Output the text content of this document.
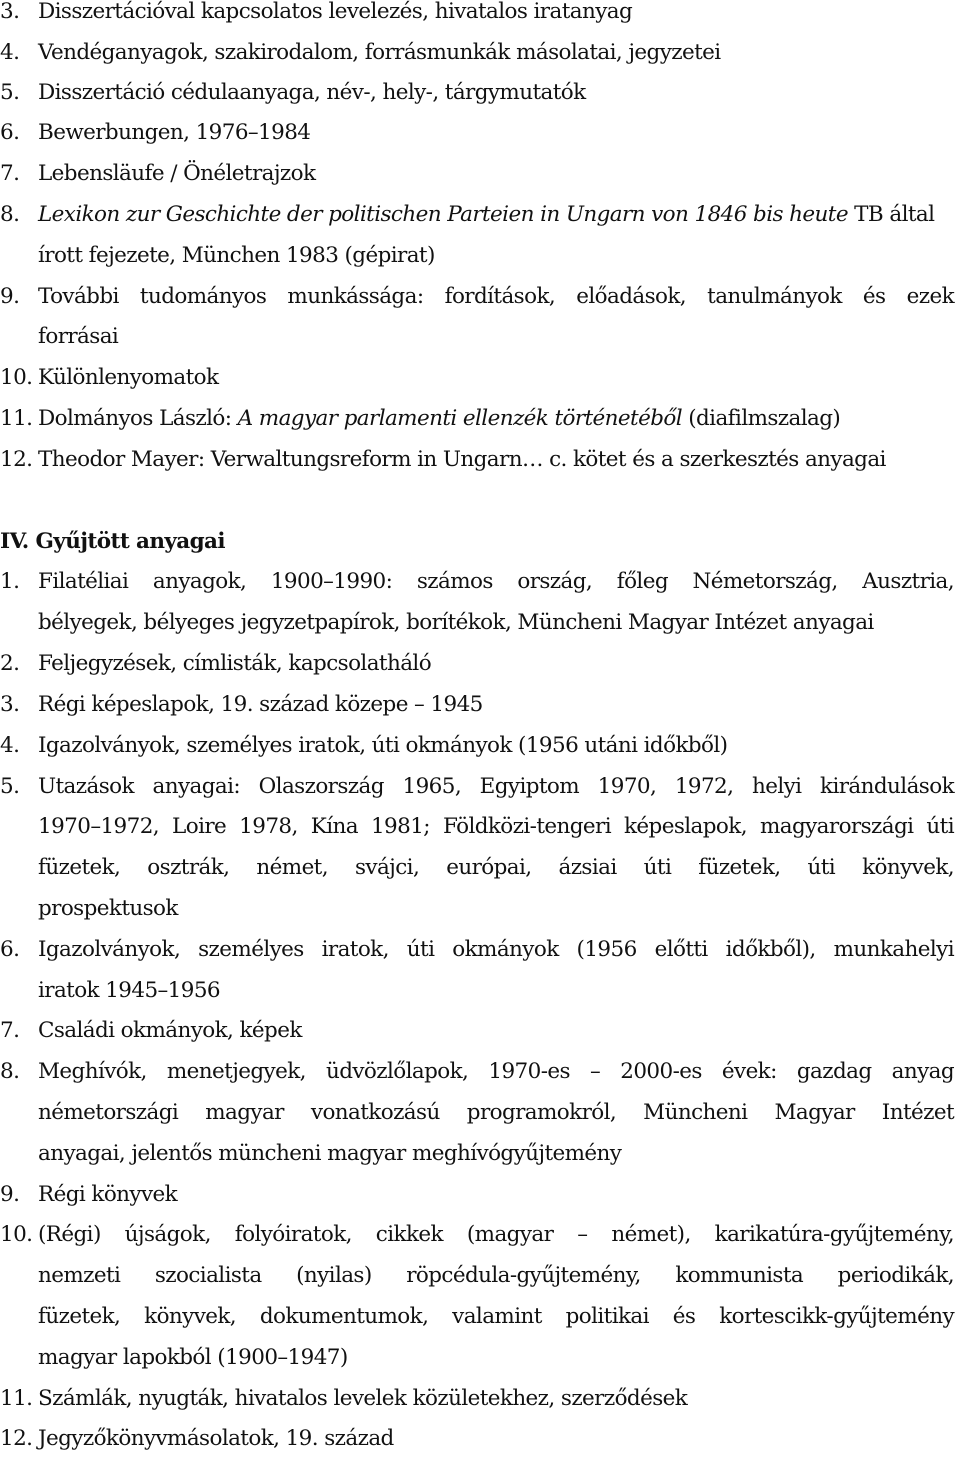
3. Disszertációval kapcsolatos levelezés, hivatalos iratanyag
4. Vendéganyagok, szakirodalom, forrásmunkák másolatai, jegyzetei
5. Disszertáció cédulaanyaga, név-, hely-, tárgymutatók
6. Bewerbungen, 1976–1984
7. Lebensläufe / Önéletrajzok
8. Lexikon zur Geschichte der politischen Parteien in Ungarn von 1846 bis heute TB által
írott fejezete, München 1983 (gépirat)
9. További tudományos munkássága: fordítások, előadások, tanulmányok és ezek
forrásai
10. Különlenyomatok
11. Dolmányos László: A magyar parlamenti ellenzék történetéből (diafilmszalag)
12. Theodor Mayer: Verwaltungsreform in Ungarn… c. kötet és a szerkesztés anyagai
IV. Gyűjtött anyagai
1. Filatéliai anyagok, 1900–1990: számos ország, főleg Németország, Ausztria,
bélyegek, bélyeges jegyzetpapírok, borítékok, Müncheni Magyar Intézet anyagai
2. Feljegyzések, címlisták, kapcsolatháló
3. Régi képeslapok, 19. század közepe – 1945
4. Igazolványok, személyes iratok, úti okmányok (1956 utáni időkből)
5. Utazások anyagai: Olaszország 1965, Egyiptom 1970, 1972, helyi kirándulások
1970–1972, Loire 1978, Kína 1981; Földközi-tengeri képeslapok, magyarországi úti
füzetek, osztrák, német, svájci, európai, ázsiai úti füzetek, úti könyvek,
prospektusok
6. Igazolványok, személyes iratok, úti okmányok (1956 előtti időkből), munkahelyi
iratok 1945–1956
7. Családi okmányok, képek
8. Meghívók, menetjegyek, üdvözlőlapok, 1970-es – 2000-es évek: gazdag anyag
németországi magyar vonatkozású programokról, Müncheni Magyar Intézet
anyagai, jelentős müncheni magyar meghívógyűjtemény
9. Régi könyvek
10. (Régi) újságok, folyóiratok, cikkek (magyar – német), karikatúra-gyűjtemény,
nemzeti szocialista (nyilas) röpcédula-gyűjtemény, kommunista periodikák,
füzetek, könyvek, dokumentumok, valamint politikai és kortescikk-gyűjtemény
magyar lapokból (1900–1947)
11. Számlák, nyugták, hivatalos levelek közületekhez, szerződések
12. Jegyzőkönyvmásolatok, 19. század
